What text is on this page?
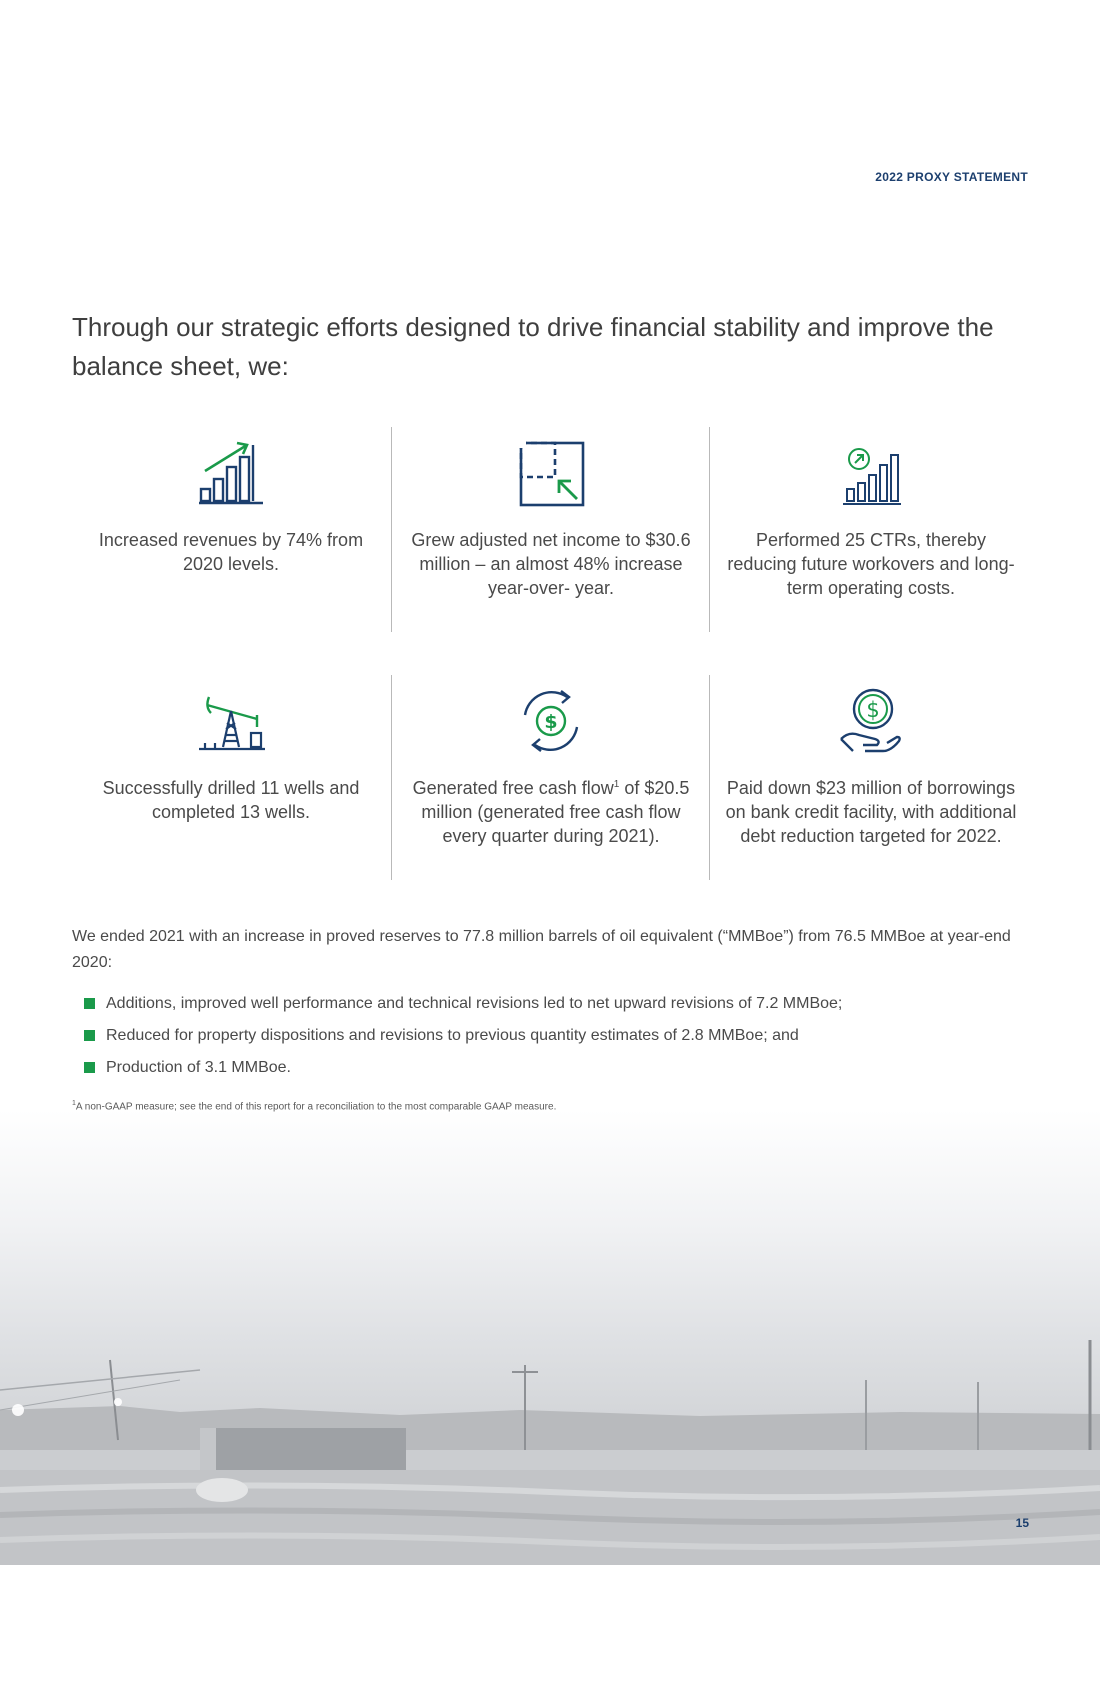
2022 PROXY STATEMENT
Through our strategic efforts designed to drive financial stability and improve the balance sheet, we:
Increased revenues by 74% from 2020 levels.
Grew adjusted net income to $30.6 million – an almost 48% increase year-over- year.
Performed 25 CTRs, thereby reducing future workovers and long-term operating costs.
Successfully drilled 11 wells and completed 13 wells.
$
Generated free cash flow$^1$ of $20.5 million (generated free cash flow every quarter during 2021).
$
Paid down $23 million of borrowings on bank credit facility, with additional debt reduction targeted for 2022.

We ended 2021 with an increase in proved reserves to 77.8 million barrels of oil equivalent (“MMBoe”) from 76.5 MMBoe at year-end 2020:

Additions, improved well performance and technical revisions led to net upward revisions of 7.2 MMBoe;
Reduced for property dispositions and revisions to previous quantity estimates of 2.8 MMBoe; and
Production of 3.1 MMBoe.
$^1$A non-GAAP measure; see the end of this report for a reconciliation to the most comparable GAAP measure.
15
